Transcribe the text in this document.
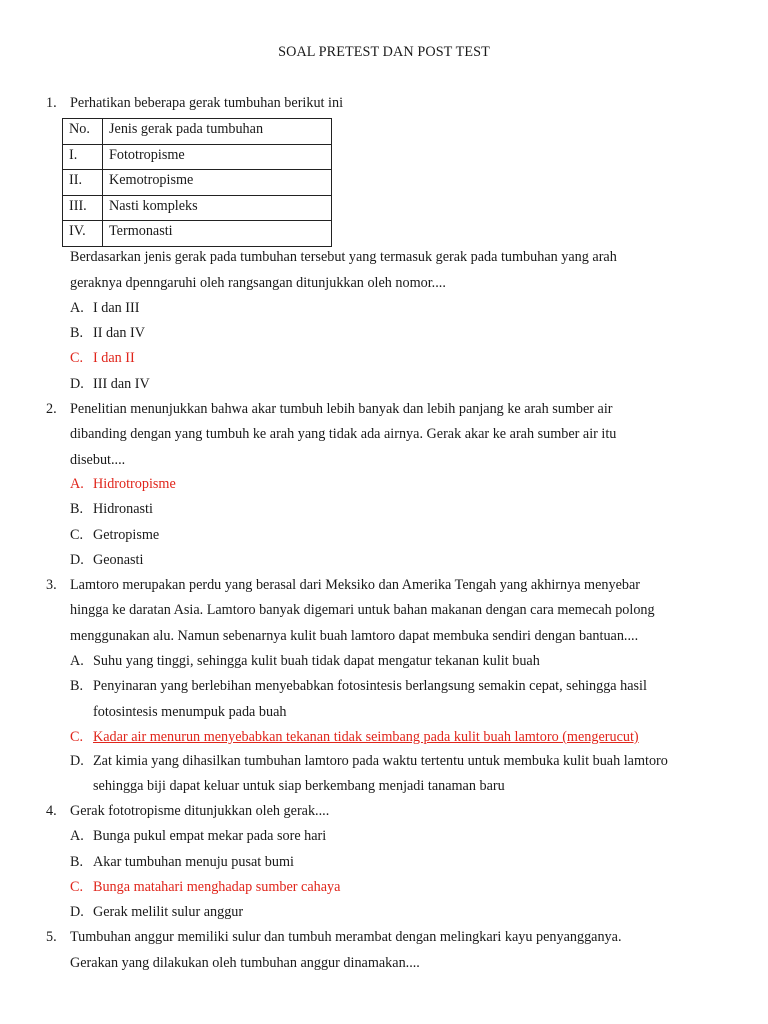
SOAL PRETEST DAN POST TEST
1. Perhatikan beberapa gerak tumbuhan berikut ini
No.	Jenis gerak pada tumbuhan
I.	Fototropisme
II.	Kemotropisme
III.	Nasti kompleks
IV.	Termonasti
Berdasarkan jenis gerak pada tumbuhan tersebut yang termasuk gerak pada tumbuhan yang arah
geraknya dpenngaruhi oleh rangsangan ditunjukkan oleh nomor....
A. I dan III
B. II dan IV
C. I dan II
D. III dan IV
2. Penelitian menunjukkan bahwa akar tumbuh lebih banyak dan lebih panjang ke arah sumber air
dibanding dengan yang tumbuh ke arah yang tidak ada airnya. Gerak akar ke arah sumber air itu
disebut....
A. Hidrotropisme
B. Hidronasti
C. Getropisme
D. Geonasti
3. Lamtoro merupakan perdu yang berasal dari Meksiko dan Amerika Tengah yang akhirnya menyebar
hingga ke daratan Asia. Lamtoro banyak digemari untuk bahan makanan dengan cara memecah polong
menggunakan alu. Namun sebenarnya kulit buah lamtoro dapat membuka sendiri dengan bantuan....
A. Suhu yang tinggi, sehingga kulit buah tidak dapat mengatur tekanan kulit buah
B. Penyinaran yang berlebihan menyebabkan fotosintesis berlangsung semakin cepat, sehingga hasil
fotosintesis menumpuk pada buah
C. Kadar air menurun menyebabkan tekanan tidak seimbang pada kulit buah lamtoro (mengerucut)
D. Zat kimia yang dihasilkan tumbuhan lamtoro pada waktu tertentu untuk membuka kulit buah lamtoro
sehingga biji dapat keluar untuk siap berkembang menjadi tanaman baru
4. Gerak fototropisme ditunjukkan oleh gerak....
A. Bunga pukul empat mekar pada sore hari
B. Akar tumbuhan menuju pusat bumi
C. Bunga matahari menghadap sumber cahaya
D. Gerak melilit sulur anggur
5. Tumbuhan anggur memiliki sulur dan tumbuh merambat dengan melingkari kayu penyangganya.
Gerakan yang dilakukan oleh tumbuhan anggur dinamakan....
